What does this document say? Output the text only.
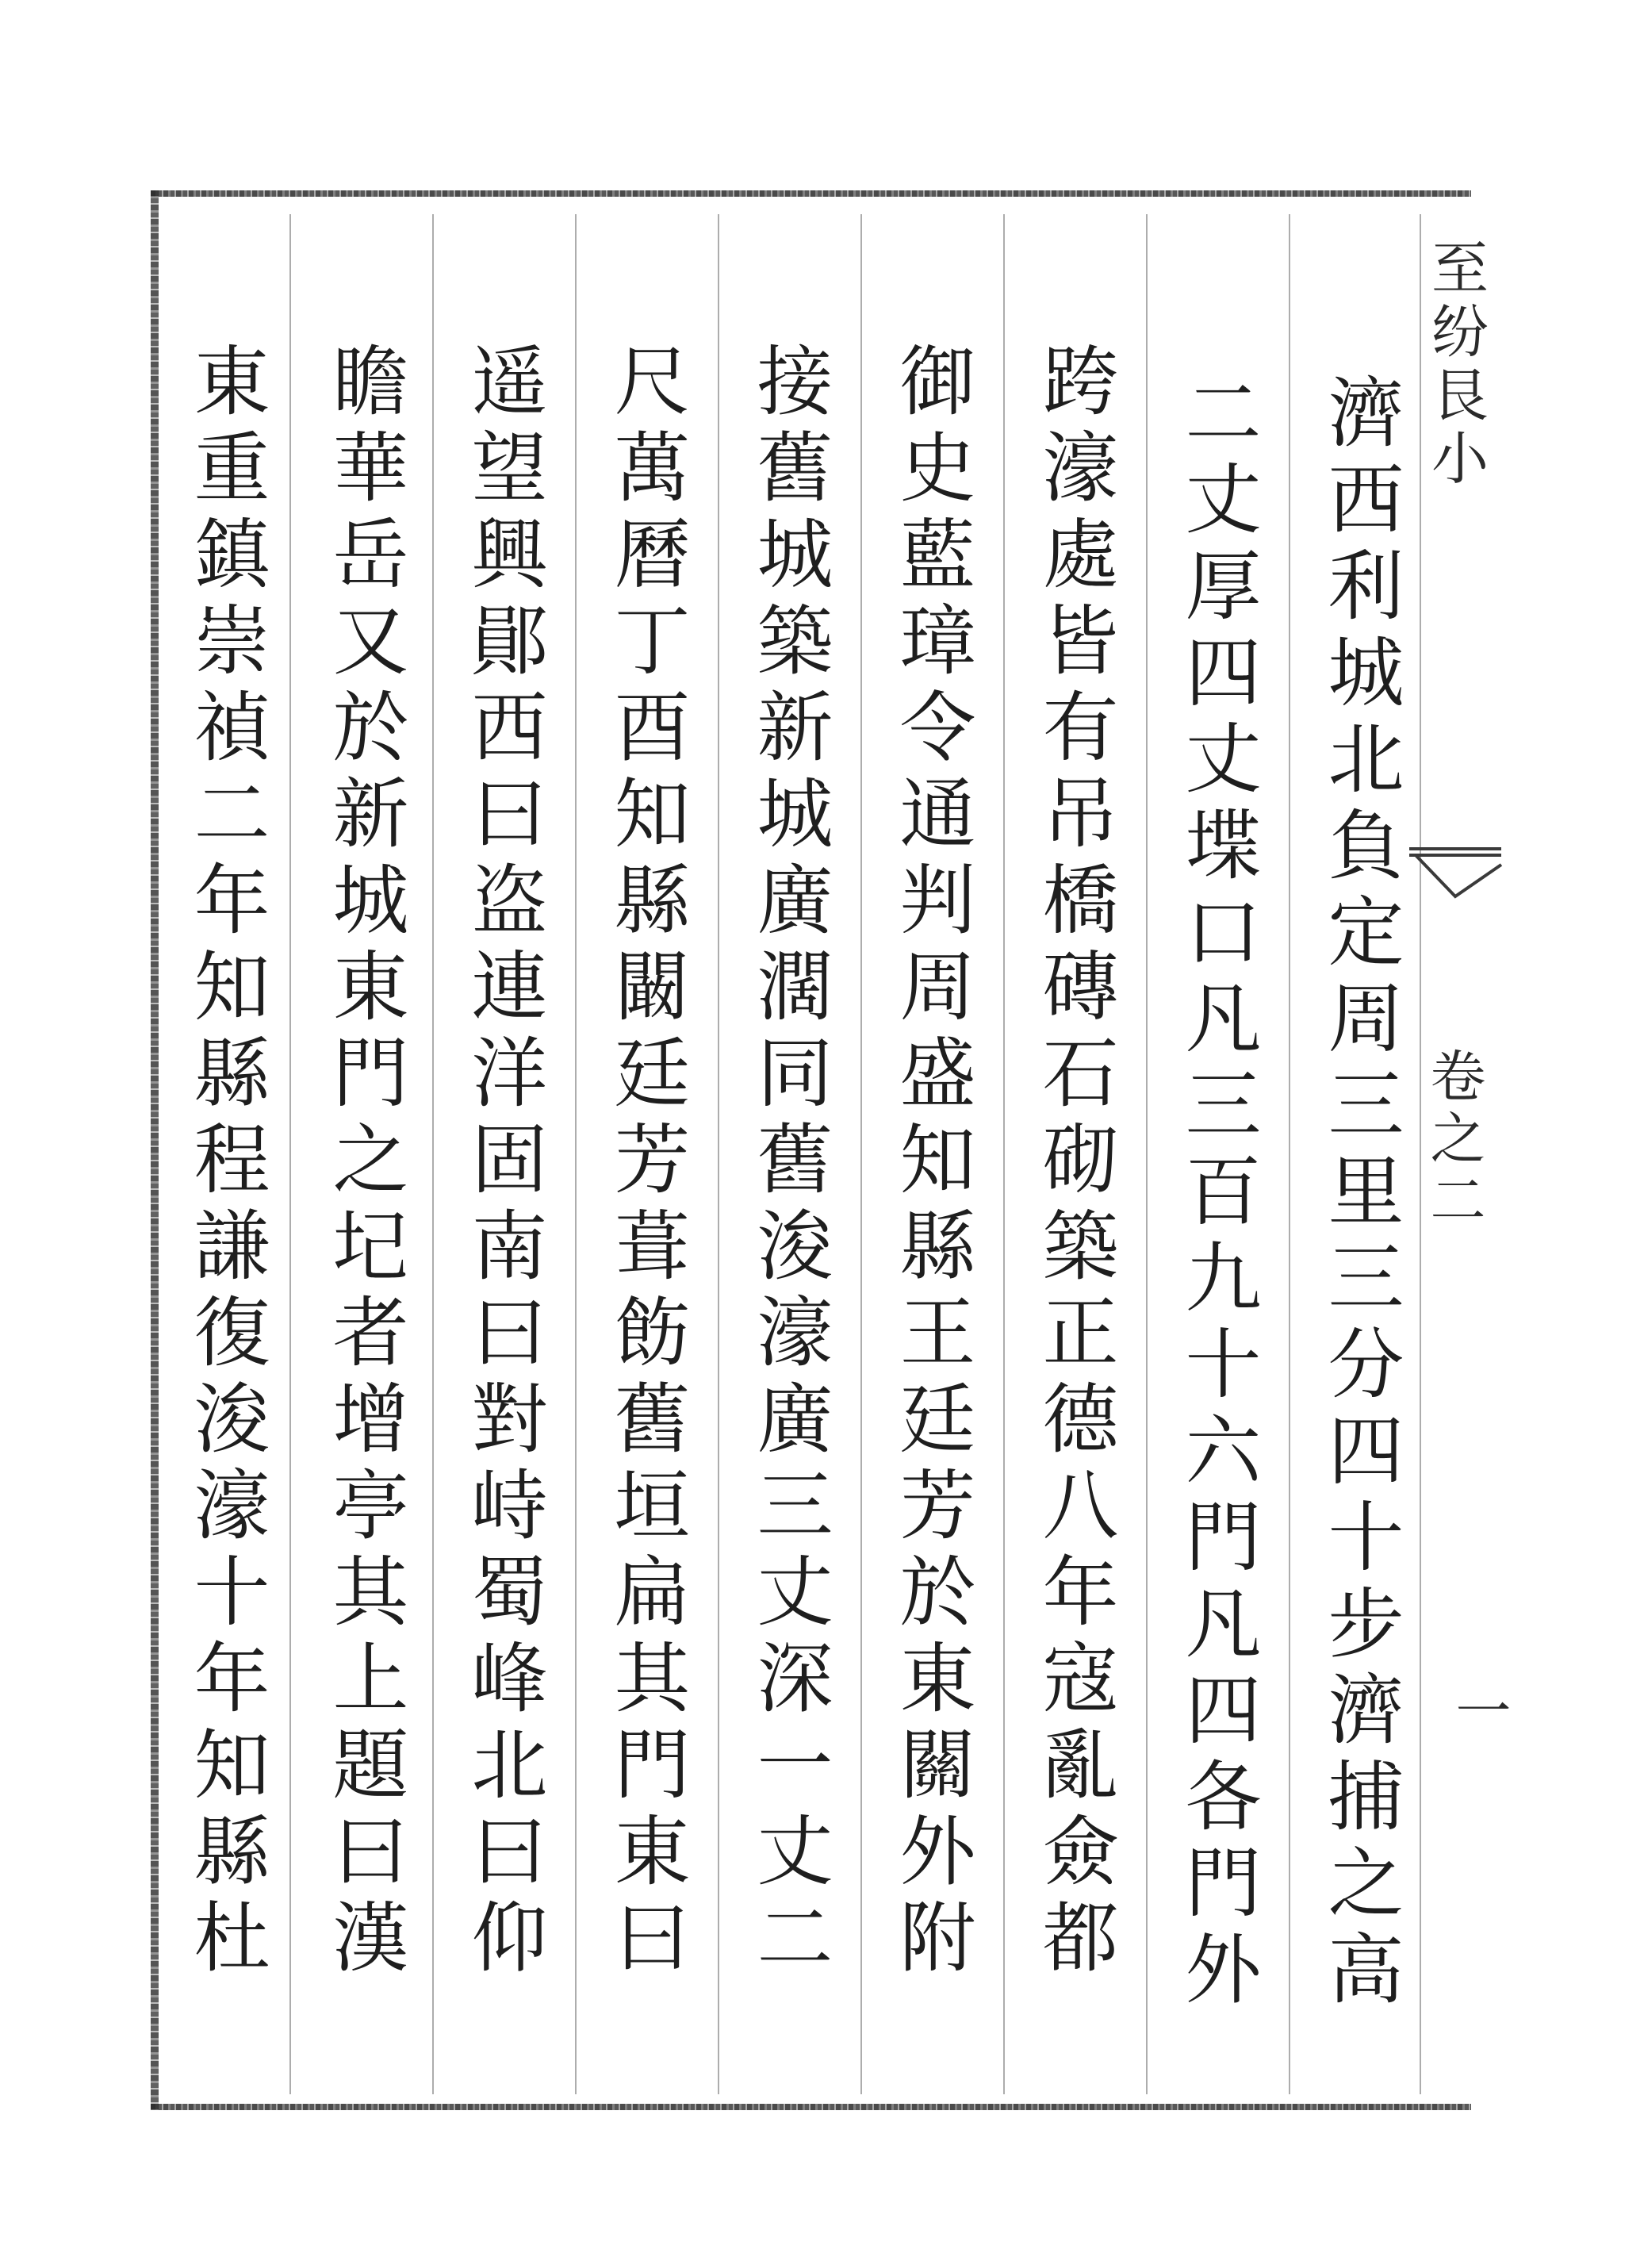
濟西利城北負定周三里三分四十步濟捕之高
二丈厚四丈堞口凡三百九十六門凡四各門外
跨濠處皆有吊橋磚石砌築正德八年寇亂僉都
御史藍璋令通判周盛知縣王廷芳於東關外附
接舊城築新城廣濶同舊浚濠廣三丈深一丈二
尺萬曆丁酉知縣闞廷芳葺飭舊垣扁其門東曰
遥望興鄖西曰盗連洋固南曰對峙蜀峰北曰仰
瞻華岳又於新城東門之圮者增亭其上題曰漢
東重鎮崇禎二年知縣程謙復浚濠十年知縣杜	至纷艮小
卷之二
一
